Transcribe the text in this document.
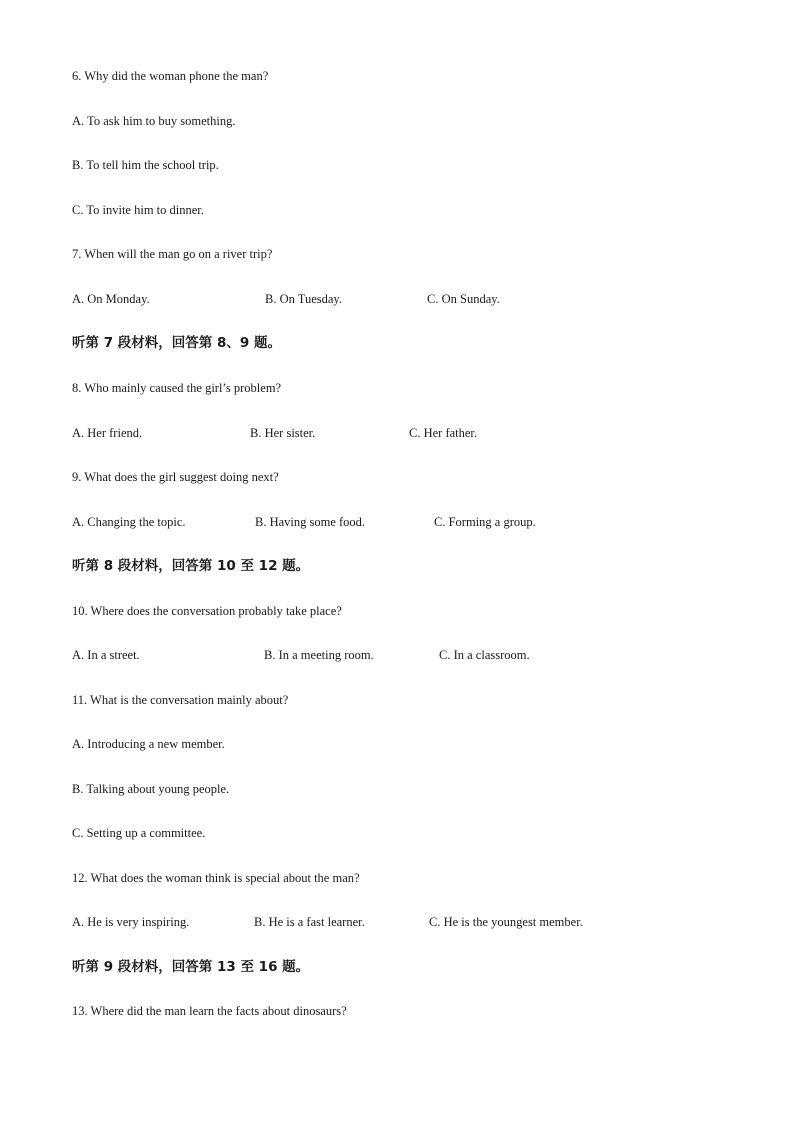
6. Why did the woman phone the man?
A. To ask him to buy something.
B. To tell him the school trip.
C. To invite him to dinner.
7. When will the man go on a river trip?
A. On Monday.	B. On Tuesday.	C. On Sunday.
听第 7 段材料，回答第 8、9 题。
8. Who mainly caused the girl’s problem?
A. Her friend.	B. Her sister.	C. Her father.
9. What does the girl suggest doing next?
A. Changing the topic.	B. Having some food.	C. Forming a group.
听第 8 段材料，回答第 10 至 12 题。
10. Where does the conversation probably take place?
A. In a street.	B. In a meeting room.	C. In a classroom.
11. What is the conversation mainly about?
A. Introducing a new member.
B. Talking about young people.
C. Setting up a committee.
12. What does the woman think is special about the man?
A. He is very inspiring.	B. He is a fast learner.	C. He is the youngest member.
听第 9 段材料，回答第 13 至 16 题。
13. Where did the man learn the facts about dinosaurs?
